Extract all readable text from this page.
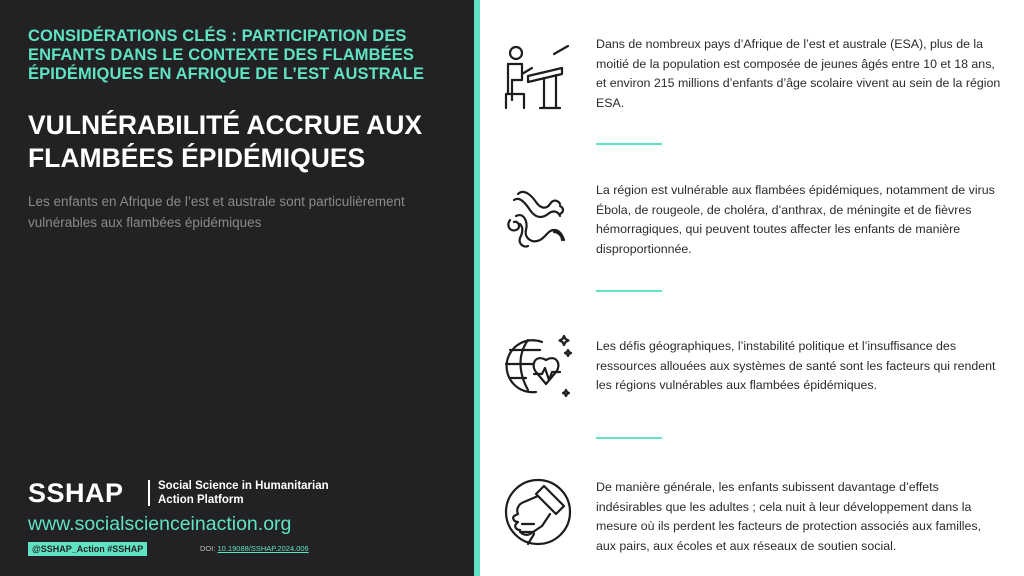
CONSIDÉRATIONS CLÉS : PARTICIPATION DES ENFANTS DANS LE CONTEXTE DES FLAMBÉES ÉPIDÉMIQUES EN AFRIQUE DE L’EST AUSTRALE
VULNÉRABILITÉ ACCRUE AUX FLAMBÉES ÉPIDÉMIQUES
Les enfants en Afrique de l’est et australe sont particulièrement vulnérables aux flambées épidémiques
SSHAP	Social Science in Humanitarian Action Platform
www.socialscienceinaction.org
@SSHAP_Action #SSHAP	DOI: 10.19088/SSHAP.2024.006
Dans de nombreux pays d’Afrique de l’est et australe (ESA), plus de la moitié de la population est composée de jeunes âgés entre 10 et 18 ans, et environ 215 millions d’enfants d’âge scolaire vivent au sein de la région ESA.
La région est vulnérable aux flambées épidémiques, notamment de virus Ébola, de rougeole, de choléra, d’anthrax, de méningite et de fièvres hémorragiques, qui peuvent toutes affecter les enfants de manière disproportionnée.
Les défis géographiques, l’instabilité politique et l’insuffisance des ressources allouées aux systèmes de santé sont les facteurs qui rendent les régions vulnérables aux flambées épidémiques.
De manière générale, les enfants subissent davantage d’effets indésirables que les adultes ; cela nuit à leur développement dans la mesure où ils perdent les facteurs de protection associés aux familles, aux pairs, aux écoles et aux réseaux de soutien social.
